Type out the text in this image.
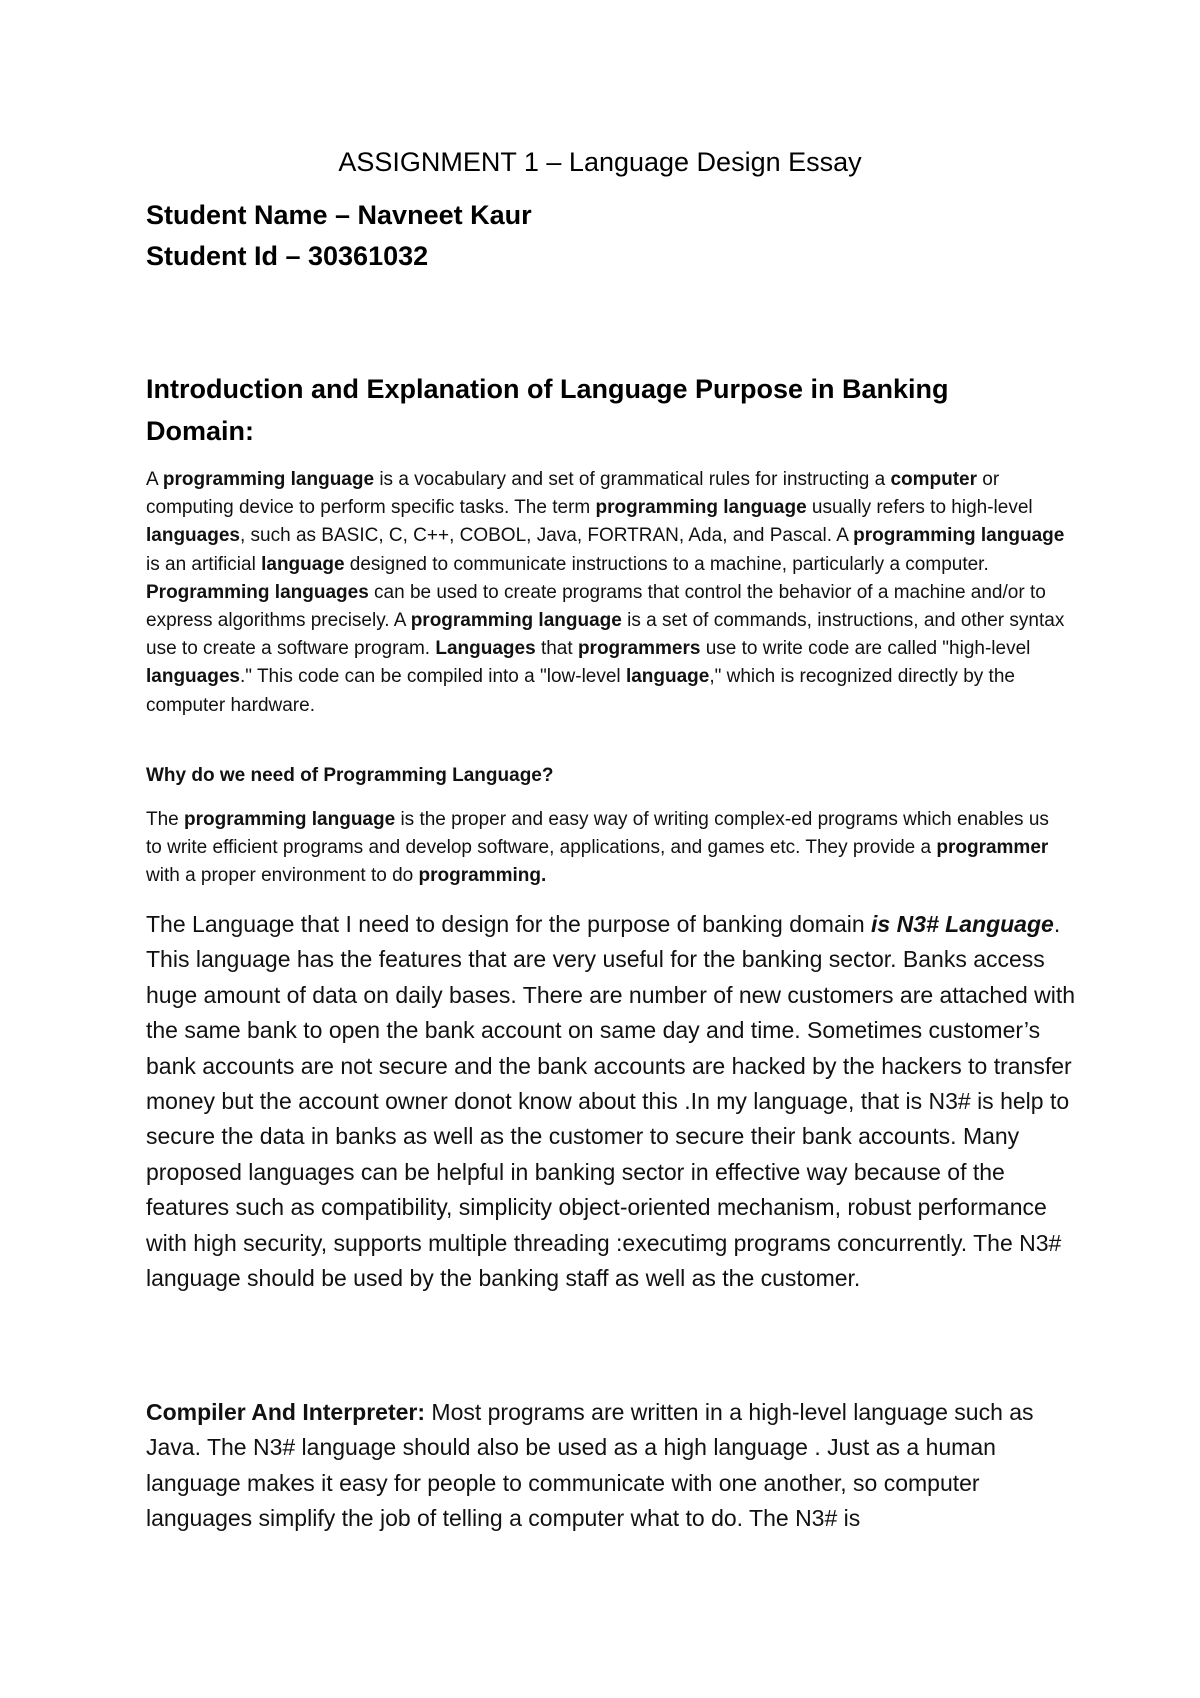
ASSIGNMENT 1 – Language Design Essay

Student Name – Navneet Kaur

Student Id – 30361032

Introduction and Explanation of Language Purpose in Banking Domain:

A programming language is a vocabulary and set of grammatical rules for instructing a computer or computing device to perform specific tasks. The term programming language usually refers to high-level languages, such as BASIC, C, C++, COBOL, Java, FORTRAN, Ada, and Pascal. A programming language is an artificial language designed to communicate instructions to a machine, particularly a computer. Programming languages can be used to create programs that control the behavior of a machine and/or to express algorithms precisely. A programming language is a set of commands, instructions, and other syntax use to create a software program. Languages that programmers use to write code are called "high-level languages." This code can be compiled into a "low-level language," which is recognized directly by the computer hardware.

Why do we need of Programming Language?

The programming language is the proper and easy way of writing complex-ed programs which enables us to write efficient programs and develop software, applications, and games etc. They provide a programmer with a proper environment to do programming.

The Language that I need to design for the purpose of banking domain is N3# Language. This language has the features that are very useful for the banking sector. Banks access huge amount of data on daily bases. There are number of new customers are attached with the same bank to open the bank account on same day and time. Sometimes customer’s bank accounts are not secure and the bank accounts are hacked by the hackers to transfer money but the account owner donot know about this .In my language, that is N3# is help to secure the data in banks as well as the customer to secure their bank accounts. Many proposed languages can be helpful in banking sector in effective way because of the features such as compatibility, simplicity object-oriented mechanism, robust performance with high security, supports multiple threading :executimg programs concurrently. The N3# language should be used by the banking staff as well as the customer.

Compiler And Interpreter: Most programs are written in a high-level language such as Java. The N3# language should also be used as a high language . Just as a human language makes it easy for people to communicate with one another, so computer languages simplify the job of telling a computer what to do. The N3# is
